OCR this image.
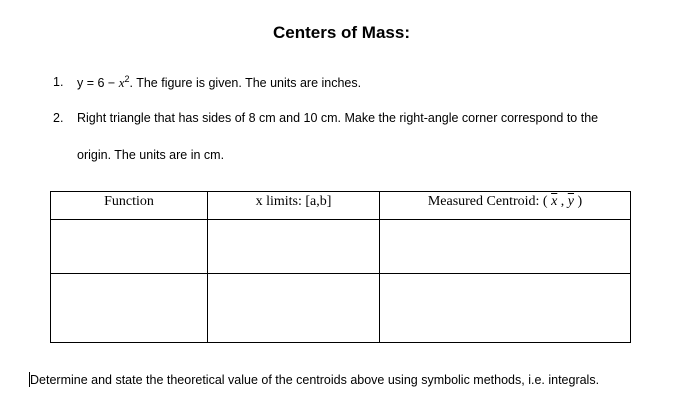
Centers of Mass:
1. $y = 6 - x^2$. The figure is given. The units are inches.
2. Right triangle that has sides of 8 cm and 10 cm. Make the right-angle corner correspond to the
origin. The units are in cm.
Function	x limits: [a,b]	Measured Centroid: ( $\overline{x}$ , $\overline{y}$ )

Determine and state the theoretical value of the centroids above using symbolic methods, i.e. integrals.
